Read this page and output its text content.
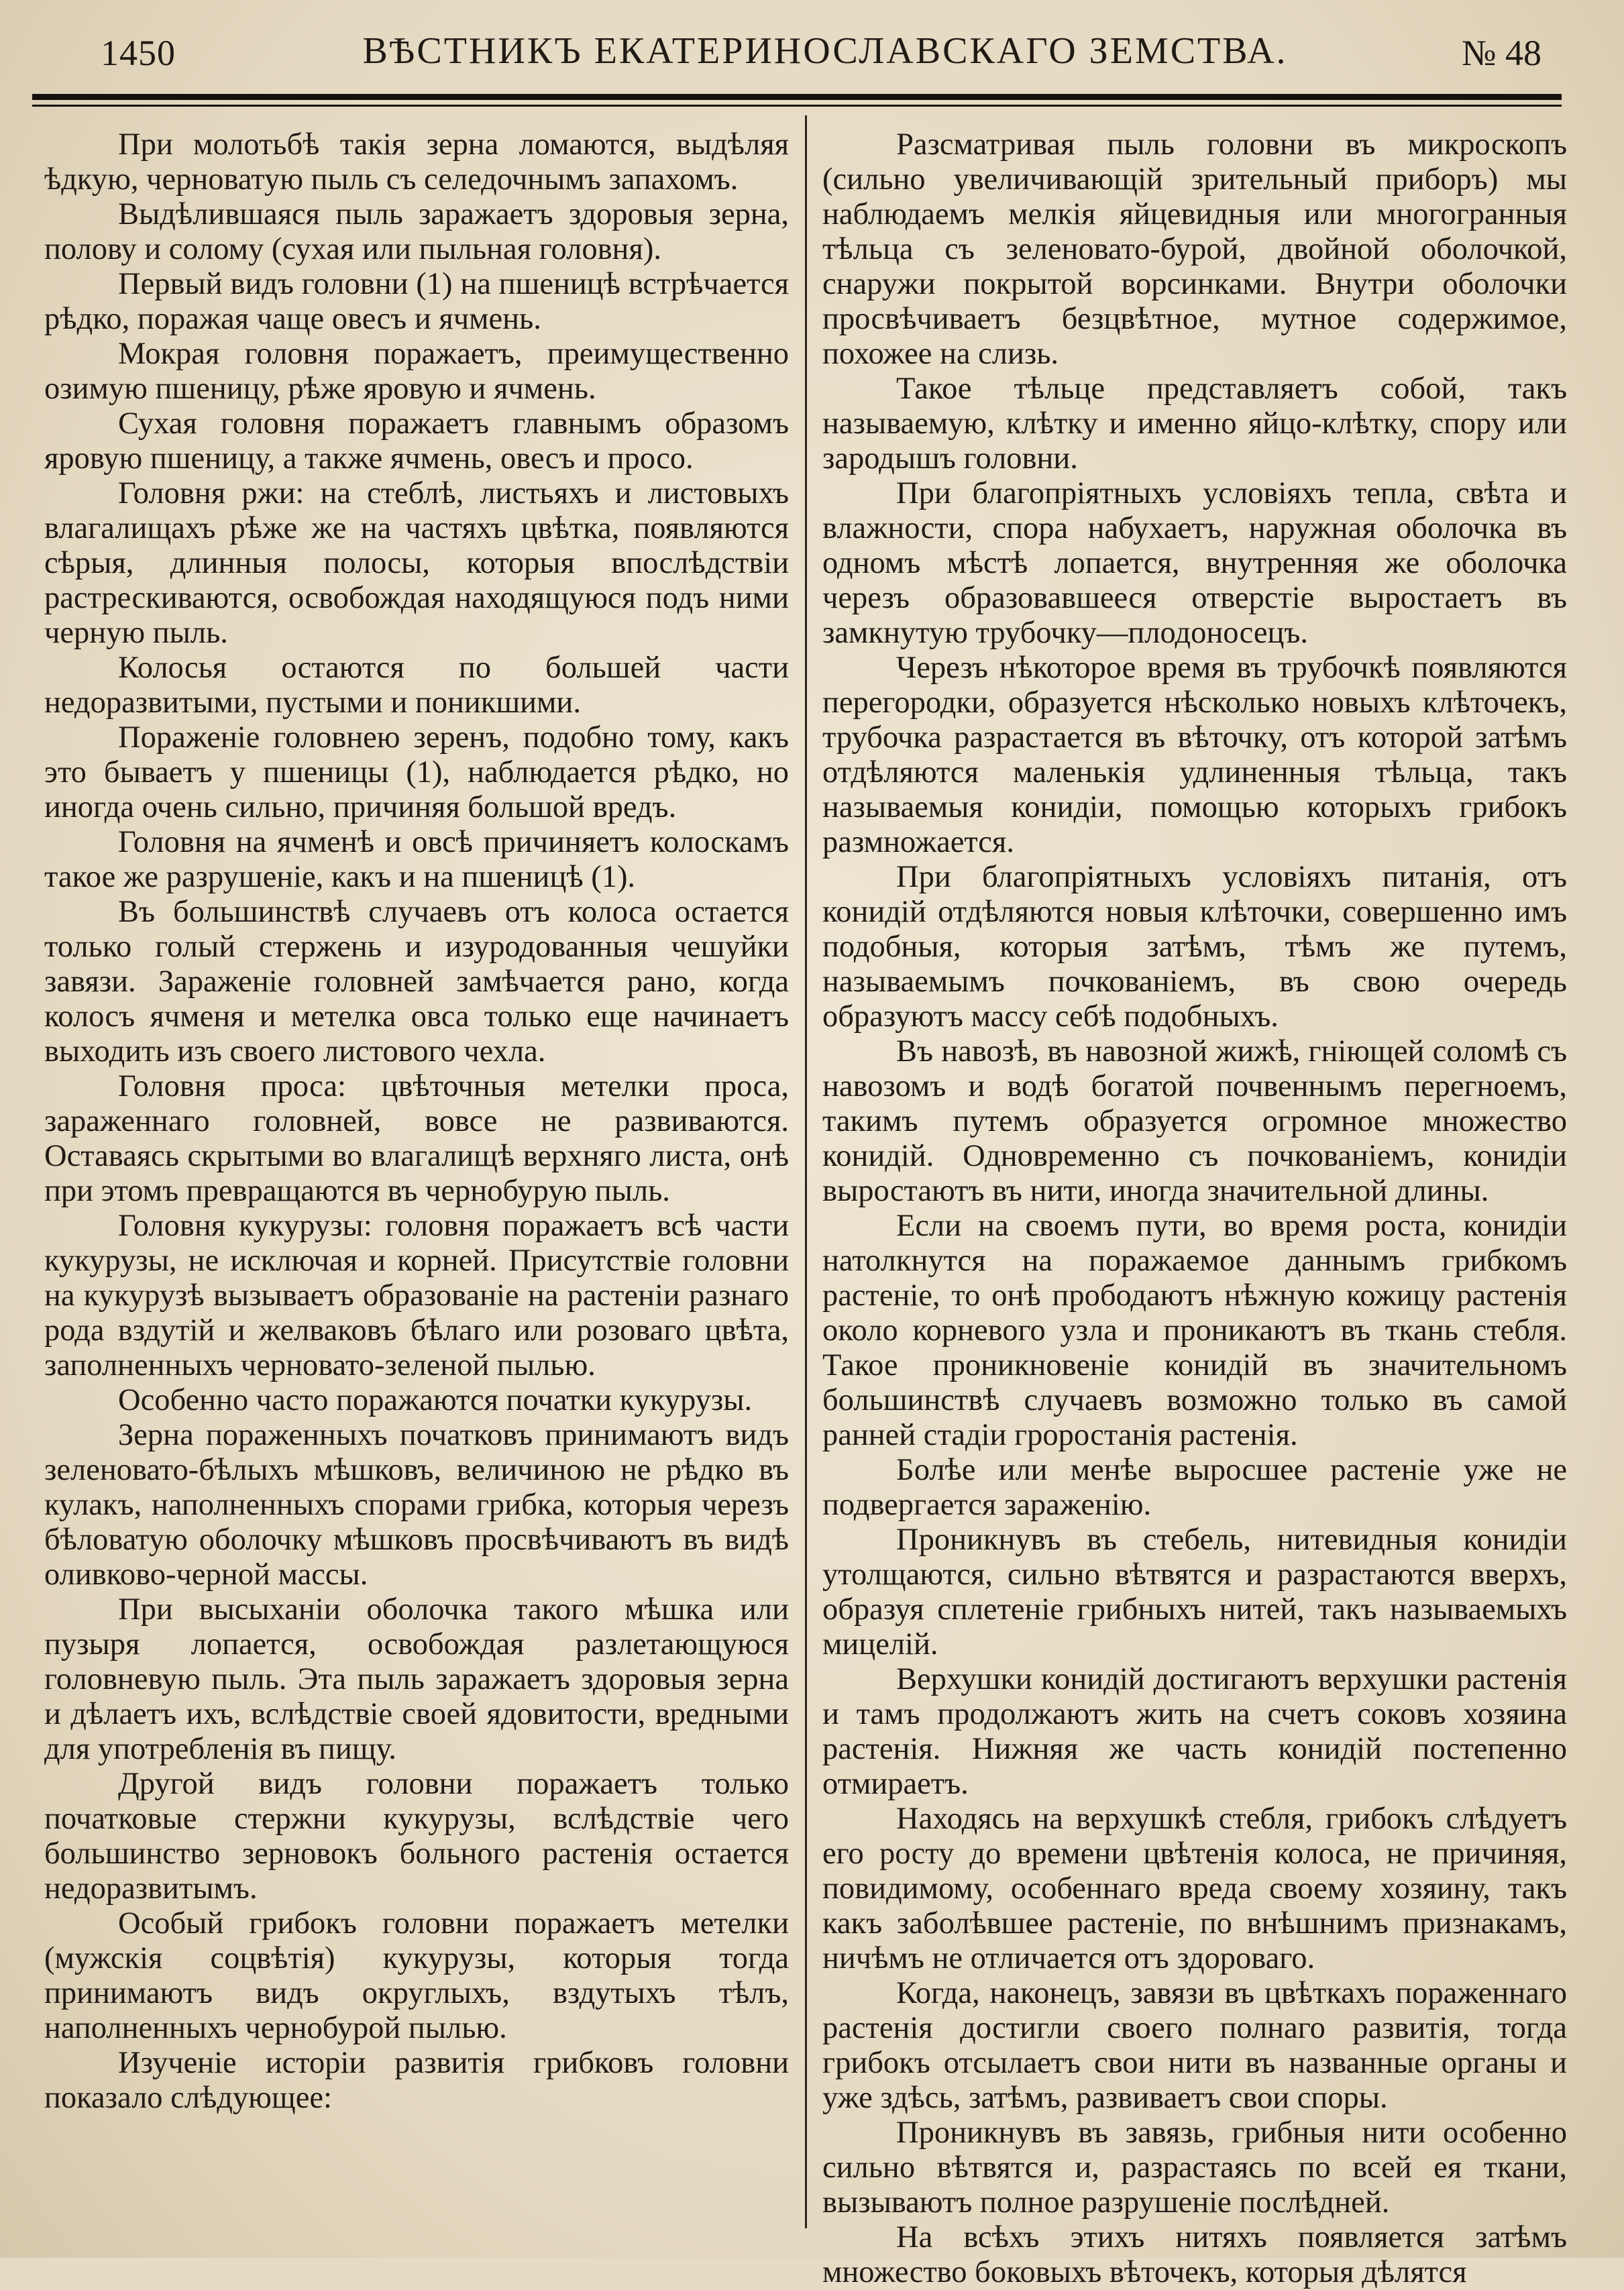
1450	ВѢСТНИКЪ ЕКАТЕРИНОСЛАВСКАГО ЗЕМСТВА.	№ 48

При молотьбѣ такія зерна ломаются, выдѣляя ѣдкую, черноватую пыль съ селедочнымъ запахомъ.

Выдѣлившаяся пыль заражаетъ здоровыя зерна, полову и солому (сухая или пыльная головня).

Первый видъ головни (1) на пшеницѣ встрѣчается рѣдко, поражая чаще овесъ и ячмень.

Мокрая головня поражаетъ, преимущественно озимую пшеницу, рѣже яровую и ячмень.

Сухая головня поражаетъ главнымъ образомъ яровую пшеницу, а также ячмень, овесъ и просо.

Головня ржи: на стеблѣ, листьяхъ и листовыхъ влагалищахъ рѣже же на частяхъ цвѣтка, появляются сѣрыя, длинныя полосы, которыя впослѣдствіи растрескиваются, освобождая находящуюся подъ ними черную пыль.

Колосья остаются по большей части недоразвитыми, пустыми и поникшими.

Пораженіе головнею зеренъ, подобно тому, какъ это бываетъ у пшеницы (1), наблюдается рѣдко, но иногда очень сильно, причиняя большой вредъ.

Головня на ячменѣ и овсѣ причиняетъ колоскамъ такое же разрушеніе, какъ и на пшеницѣ (1).

Въ большинствѣ случаевъ отъ колоса остается только голый стержень и изуродованныя чешуйки завязи. Зараженіе головней замѣчается рано, когда колосъ ячменя и метелка овса только еще начинаетъ выходить изъ своего листового чехла.

Головня проса: цвѣточныя метелки проса, зараженнаго головней, вовсе не развиваются. Оставаясь скрытыми во влагалищѣ верхняго листа, онѣ при этомъ превращаются въ чернобурую пыль.

Головня кукурузы: головня поражаетъ всѣ части кукурузы, не исключая и корней. Присутствіе головни на кукурузѣ вызываетъ образованіе на растеніи разнаго рода вздутій и желваковъ бѣлаго или розоваго цвѣта, заполненныхъ черновато-зеленой пылью.

Особенно часто поражаются початки кукурузы.

Зерна пораженныхъ початковъ принимаютъ видъ зеленовато-бѣлыхъ мѣшковъ, величиною не рѣдко въ кулакъ, наполненныхъ спорами грибка, которыя черезъ бѣловатую оболочку мѣшковъ просвѣчиваютъ въ видѣ оливково-черной массы.

При высыханіи оболочка такого мѣшка или пузыря лопается, освобождая разлетающуюся головневую пыль. Эта пыль заражаетъ здоровыя зерна и дѣлаетъ ихъ, вслѣдствіе своей ядовитости, вредными для употребленія въ пищу.

Другой видъ головни поражаетъ только початковые стержни кукурузы, вслѣдствіе чего большинство зерновокъ больного растенія остается недоразвитымъ.

Особый грибокъ головни поражаетъ метелки (мужскія соцвѣтія) кукурузы, которыя тогда принимаютъ видъ округлыхъ, вздутыхъ тѣлъ, наполненныхъ чернобурой пылью.

Изученіе исторіи развитія грибковъ головни показало слѣдующее:

Разсматривая пыль головни въ микроскопъ (сильно увеличивающій зрительный приборъ) мы наблюдаемъ мелкія яйцевидныя или многогранныя тѣльца съ зеленовато-бурой, двойной оболочкой, снаружи покрытой ворсинками. Внутри оболочки просвѣчиваетъ безцвѣтное, мутное содержимое, похожее на слизь.

Такое тѣльце представляетъ собой, такъ называемую, клѣтку и именно яйцо-клѣтку, спору или зародышъ головни.

При благопріятныхъ условіяхъ тепла, свѣта и влажности, спора набухаетъ, наружная оболочка въ одномъ мѣстѣ лопается, внутренняя же оболочка черезъ образовавшееся отверстіе выростаетъ въ замкнутую трубочку—плодоносецъ.

Черезъ нѣкоторое время въ трубочкѣ появляются перегородки, образуется нѣсколько новыхъ клѣточекъ, трубочка разрастается въ вѣточку, отъ которой затѣмъ отдѣляются маленькія удлиненныя тѣльца, такъ называемыя конидіи, помощью которыхъ грибокъ размножается.

При благопріятныхъ условіяхъ питанія, отъ конидій отдѣляются новыя клѣточки, совершенно имъ подобныя, которыя затѣмъ, тѣмъ же путемъ, называемымъ почкованіемъ, въ свою очередь образуютъ массу себѣ подобныхъ.

Въ навозѣ, въ навозной жижѣ, гніющей соломѣ съ навозомъ и водѣ богатой почвеннымъ перегноемъ, такимъ путемъ образуется огромное множество конидій. Одновременно съ почкованіемъ, конидіи выростаютъ въ нити, иногда значительной длины.

Если на своемъ пути, во время роста, конидіи натолкнутся на поражаемое даннымъ грибкомъ растеніе, то онѣ прободаютъ нѣжную кожицу растенія около корневого узла и проникаютъ въ ткань стебля. Такое проникновеніе конидій въ значительномъ большинствѣ случаевъ возможно только въ самой ранней стадіи гроростанія растенія.

Болѣе или менѣе выросшее растеніе уже не подвергается зараженію.

Проникнувъ въ стебель, нитевидныя конидіи утолщаются, сильно вѣтвятся и разрастаются вверхъ, образуя сплетеніе грибныхъ нитей, такъ называемыхъ мицелій.

Верхушки конидій достигаютъ верхушки растенія и тамъ продолжаютъ жить на счетъ соковъ хозяина растенія. Нижняя же часть конидій постепенно отмираетъ.

Находясь на верхушкѣ стебля, грибокъ слѣдуетъ его росту до времени цвѣтенія колоса, не причиняя, повидимому, особеннаго вреда своему хозяину, такъ какъ заболѣвшее растеніе, по внѣшнимъ признакамъ, ничѣмъ не отличается отъ здороваго.

Когда, наконецъ, завязи въ цвѣткахъ пораженнаго растенія достигли своего полнаго развитія, тогда грибокъ отсылаетъ свои нити въ названные органы и уже здѣсь, затѣмъ, развиваетъ свои споры.

Проникнувъ въ завязь, грибныя нити особенно сильно вѣтвятся и, разрастаясь по всей ея ткани, вызываютъ полное разрушеніе послѣдней.

На всѣхъ этихъ нитяхъ появляется затѣмъ множество боковыхъ вѣточекъ, которыя дѣлятся
